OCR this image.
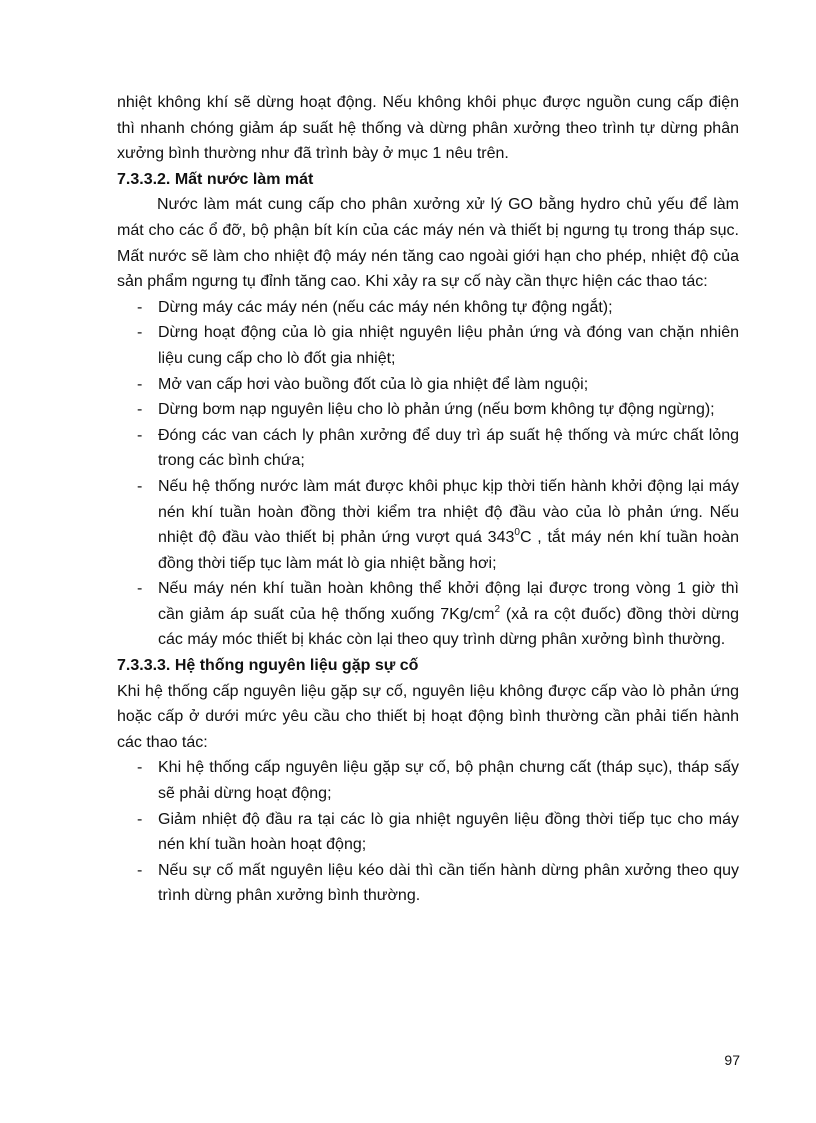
nhiệt không khí sẽ dừng hoạt động. Nếu không khôi phục được nguồn cung cấp điện thì nhanh chóng giảm áp suất hệ thống và dừng phân xưởng theo trình tự dừng phân xưởng bình thường như đã trình bày ở mục 1 nêu trên.

7.3.3.2. Mất nước làm mát

Nước làm mát cung cấp cho phân xưởng xử lý GO bằng hydro chủ yếu để làm mát cho các ổ đỡ, bộ phận bít kín của các máy nén và thiết bị ngưng tụ trong tháp sục. Mất nước sẽ làm cho nhiệt độ máy nén tăng cao ngoài giới hạn cho phép, nhiệt độ của sản phẩm ngưng tụ đỉnh tăng cao. Khi xảy ra sự cố này cần thực hiện các thao tác:

- Dừng máy các máy nén (nếu các máy nén không tự động ngắt);
- Dừng hoạt động của lò gia nhiệt nguyên liệu phản ứng và đóng van chặn nhiên liệu cung cấp cho lò đốt gia nhiệt;
- Mở van cấp hơi vào buồng đốt của lò gia nhiệt để làm nguội;
- Dừng bơm nạp nguyên liệu cho lò phản ứng (nếu bơm không tự động ngừng);
- Đóng các van cách ly phân xưởng để duy trì áp suất hệ thống và mức chất lỏng trong các bình chứa;
- Nếu hệ thống nước làm mát được khôi phục kịp thời tiến hành khởi động lại máy nén khí tuần hoàn đồng thời kiểm tra nhiệt độ đầu vào của lò phản ứng. Nếu nhiệt độ đầu vào thiết bị phản ứng vượt quá $343^0C$ , tắt máy nén khí tuần hoàn đồng thời tiếp tục làm mát lò gia nhiệt bằng hơi;
- Nếu máy nén khí tuần hoàn không thể khởi động lại được trong vòng 1 giờ thì cần giảm áp suất của hệ thống xuống $7Kg/cm^2$ (xả ra cột đuốc) đồng thời dừng các máy móc thiết bị khác còn lại theo quy trình dừng phân xưởng bình thường.
7.3.3.3. Hệ thống nguyên liệu gặp sự cố

Khi hệ thống cấp nguyên liệu gặp sự cố, nguyên liệu không được cấp vào lò phản ứng hoặc cấp ở dưới mức yêu cầu cho thiết bị hoạt động bình thường cần phải tiến hành các thao tác:

- Khi hệ thống cấp nguyên liệu gặp sự cố, bộ phận chưng cất (tháp sục), tháp sấy sẽ phải dừng hoạt động;
- Giảm nhiệt độ đầu ra tại các lò gia nhiệt nguyên liệu đồng thời tiếp tục cho máy nén khí tuần hoàn hoạt động;
- Nếu sự cố mất nguyên liệu kéo dài thì cần tiến hành dừng phân xưởng theo quy trình dừng phân xưởng bình thường.
97
